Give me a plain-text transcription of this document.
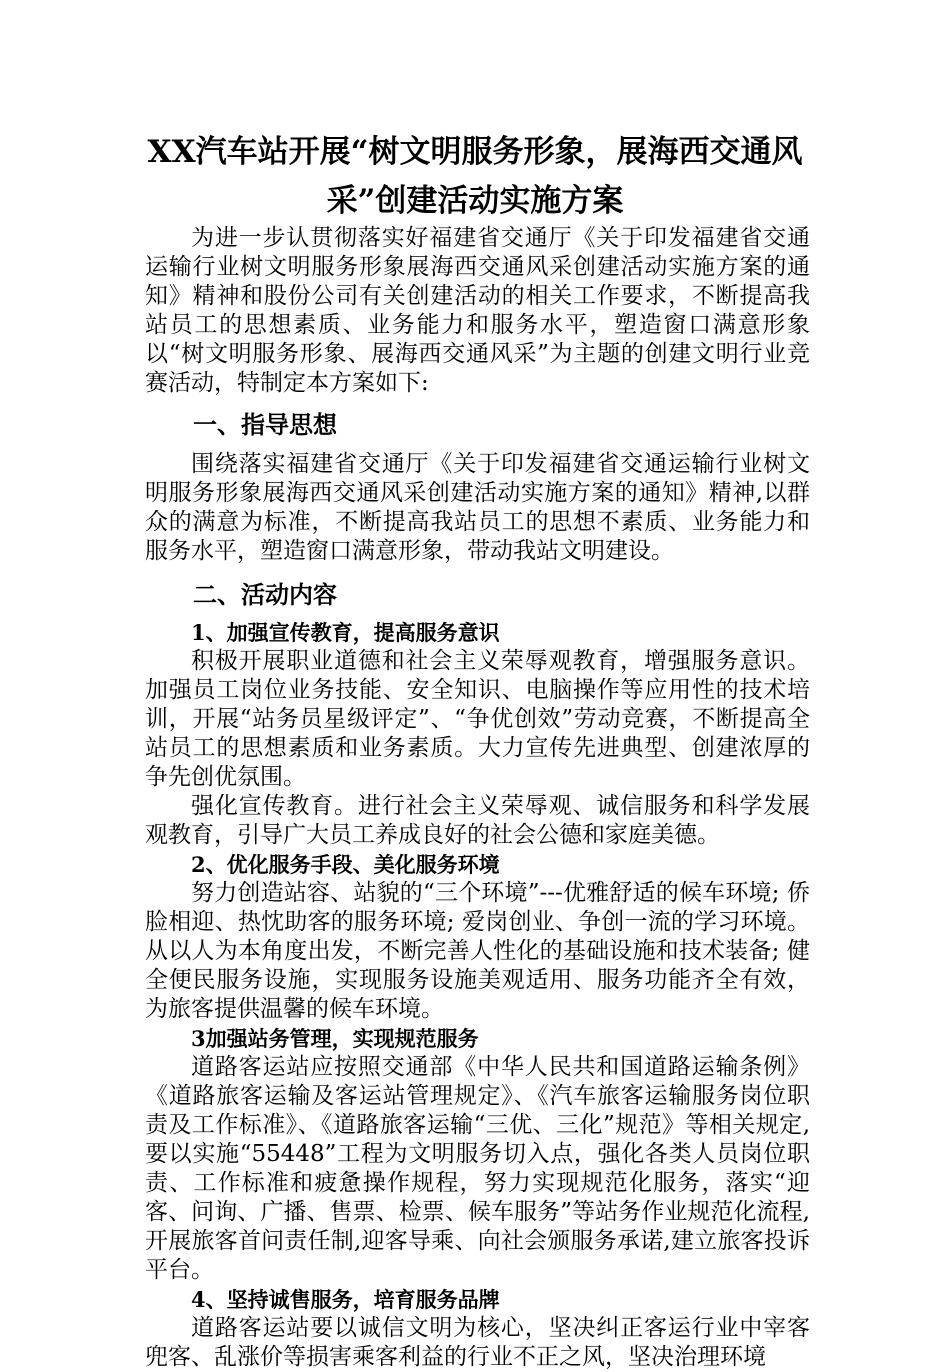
XX汽车站开展“树文明服务形象，展海西交通风
采”创建活动实施方案

为进一步认贯彻落实好福建省交通厅《关于印发福建省交通运输行业树文明服务形象展海西交通风采创建活动实施方案的通知》精神和股份公司有关创建活动的相关工作要求，不断提高我站员工的思想素质、业务能力和服务水平，塑造窗口满意形象以“树文明服务形象、展海西交通风采”为主题的创建文明行业竞赛活动，特制定本方案如下:

一、指导思想

围绕落实福建省交通厅《关于印发福建省交通运输行业树文明服务形象展海西交通风采创建活动实施方案的通知》精神,以群众的满意为标准，不断提高我站员工的思想不素质、业务能力和服务水平，塑造窗口满意形象，带动我站文明建设。

二、活动内容

1、加强宣传教育，提高服务意识

积极开展职业道德和社会主义荣辱观教育，增强服务意识。加强员工岗位业务技能、安全知识、电脑操作等应用性的技术培训，开展“站务员星级评定”、“争优创效”劳动竞赛，不断提高全站员工的思想素质和业务素质。大力宣传先进典型、创建浓厚的争先创优氛围。

强化宣传教育。进行社会主义荣辱观、诚信服务和科学发展观教育，引导广大员工养成良好的社会公德和家庭美德。

2、优化服务手段、美化服务环境

努力创造站容、站貌的“三个环境”---优雅舒适的候车环境; 侨脸相迎、热忱助客的服务环境; 爱岗创业、争创一流的学习环境。从以人为本角度出发，不断完善人性化的基础设施和技术装备; 健全便民服务设施，实现服务设施美观适用、服务功能齐全有效，为旅客提供温馨的候车环境。

3加强站务管理，实现规范服务

道路客运站应按照交通部《中华人民共和国道路运输条例》《道路旅客运输及客运站管理规定》、《汽车旅客运输服务岗位职责及工作标准》、《道路旅客运输“三优、三化”规范》等相关规定,要以实施“55448”工程为文明服务切入点，强化各类人员岗位职责、工作标准和疲惫操作规程，努力实现规范化服务，落实“迎客、问询、广播、售票、检票、候车服务”等站务作业规范化流程,开展旅客首问责任制,迎客导乘、向社会颁服务承诺,建立旅客投诉平台。

4、坚持诚售服务，培育服务品牌

道路客运站要以诚信文明为核心，坚决纠正客运行业中宰客兜客、乱涨价等损害乘客利益的行业不正之风，坚决治理环境
